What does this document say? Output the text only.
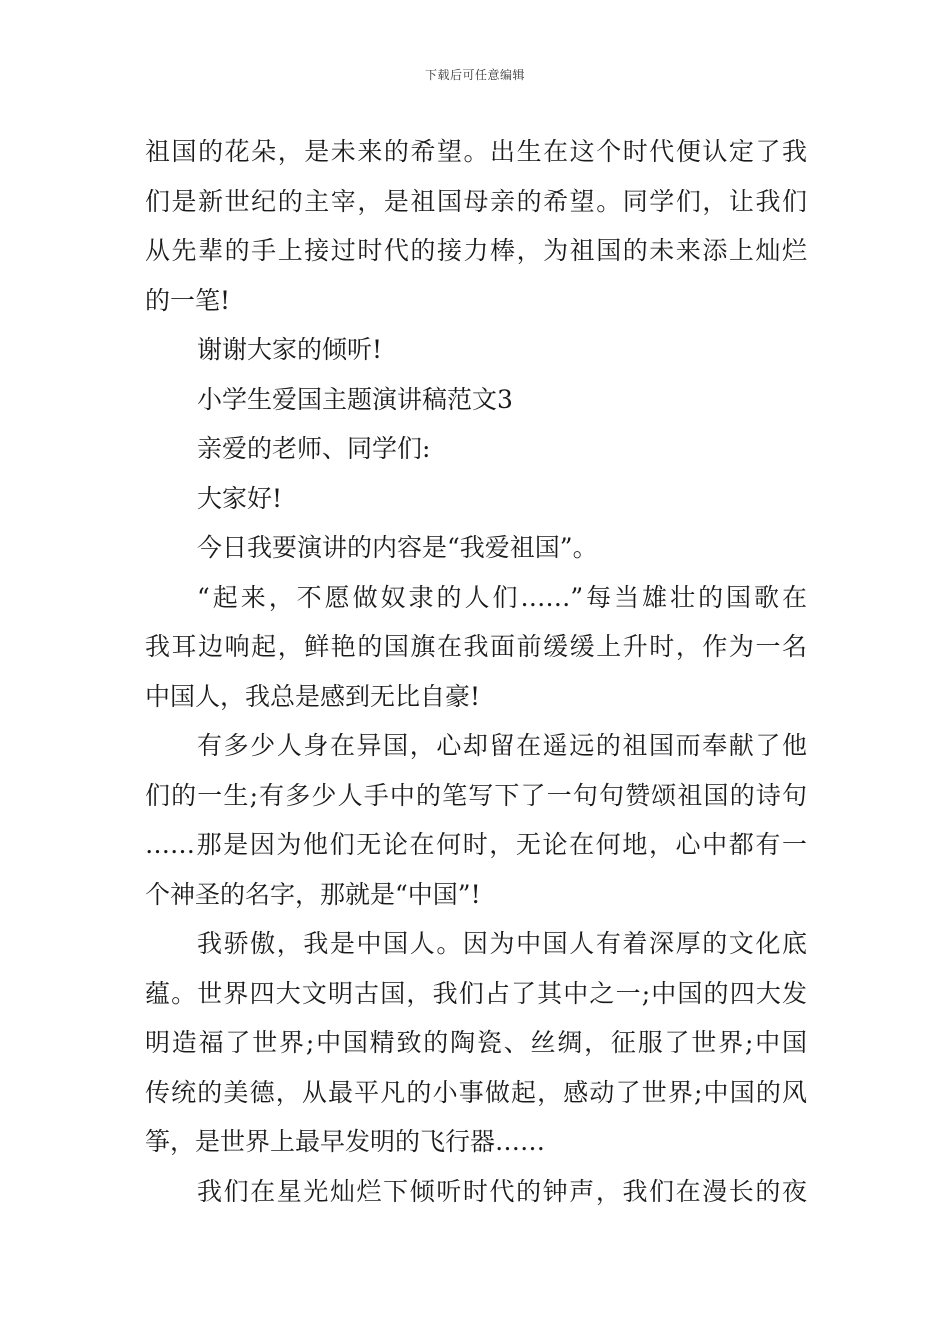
下载后可任意编辑
祖国的花朵，是未来的希望。出生在这个时代便认定了我
们是新世纪的主宰，是祖国母亲的希望。同学们，让我们
从先辈的手上接过时代的接力棒，为祖国的未来添上灿烂
的一笔!
谢谢大家的倾听!
小学生爱国主题演讲稿范文3
亲爱的老师、同学们:
大家好!
今日我要演讲的内容是“我爱祖国”。
“起来，不愿做奴隶的人们……”每当雄壮的国歌在
我耳边响起，鲜艳的国旗在我面前缓缓上升时，作为一名
中国人，我总是感到无比自豪!
有多少人身在异国，心却留在遥远的祖国而奉献了他
们的一生;有多少人手中的笔写下了一句句赞颂祖国的诗句
……那是因为他们无论在何时，无论在何地，心中都有一
个神圣的名字，那就是“中国”!
我骄傲，我是中国人。因为中国人有着深厚的文化底
蕴。世界四大文明古国，我们占了其中之一;中国的四大发
明造福了世界;中国精致的陶瓷、丝绸，征服了世界;中国
传统的美德，从最平凡的小事做起，感动了世界;中国的风
筝，是世界上最早发明的飞行器……
我们在星光灿烂下倾听时代的钟声，我们在漫长的夜
